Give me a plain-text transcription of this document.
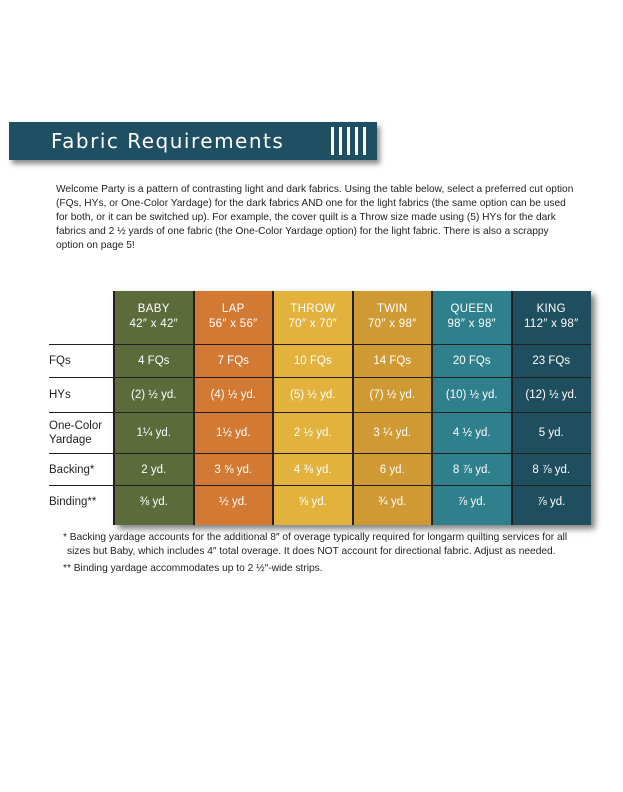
Fabric Requirements
Welcome Party is a pattern of contrasting light and dark fabrics. Using the table below, select a preferred cut option (FQs, HYs, or One-Color Yardage) for the dark fabrics AND one for the light fabrics (the same option can be used for both, or it can be switched up). For example, the cover quilt is a Throw size made using (5) HYs for the dark fabrics and 2 ½ yards of one fabric (the One-Color Yardage option) for the light fabric. There is also a scrappy option on page 5!
BABY
42″ x 42″
4 FQs
(2) ½ yd.
1¼ yd.
2 yd.
⅜ yd.
LAP
56″ x 56″
7 FQs
(4) ½ yd.
1½ yd.
3 ⅝ yd.
½ yd.
THROW
70″ x 70″
10 FQs
(5) ½ yd.
2 ½ yd.
4 ⅜ yd.
⅝ yd.
TWIN
70″ x 98″
14 FQs
(7) ½ yd.
3 ¼ yd.
6 yd.
¾ yd.
QUEEN
98″ x 98″
20 FQs
(10) ½ yd.
4 ½ yd.
8 ⅞ yd.
⅞ yd.
KING
112″ x 98″
23 FQs
(12) ½ yd.
5 yd.
8 ⅞ yd.
⅞ yd.
FQs
HYs
One-Color Yardage
Backing*
Binding**

* Backing yardage accounts for the additional 8″ of overage typically required for longarm quilting services for all sizes but Baby, which includes 4″ total overage. It does NOT account for directional fabric. Adjust as needed.

** Binding yardage accommodates up to 2 ½″-wide strips.
